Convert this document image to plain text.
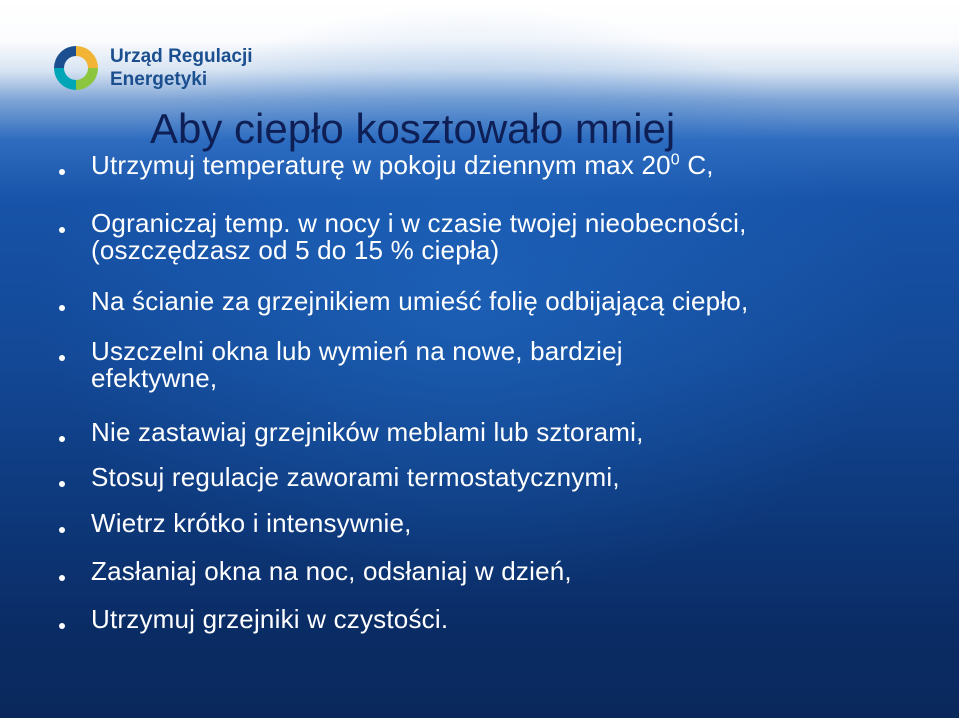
Urząd Regulacji
Energetyki
Aby ciepło kosztowało mniej
Utrzymuj temperaturę w pokoju dziennym $\max 20^0$ C,
Ograniczaj temp. w nocy i w czasie twojej nieobecności,
(oszczędzasz od 5 do 15 % ciepła)
Na ścianie za grzejnikiem umieść folię odbijającą ciepło,
Uszczelni okna lub wymień na nowe, bardziej
efektywne,
Nie zastawiaj grzejników meblami lub sztorami,
Stosuj regulacje zaworami termostatycznymi,
Wietrz krótko i intensywnie,
Zasłaniaj okna na noc, odsłaniaj w dzień,
Utrzymuj grzejniki w czystości.
